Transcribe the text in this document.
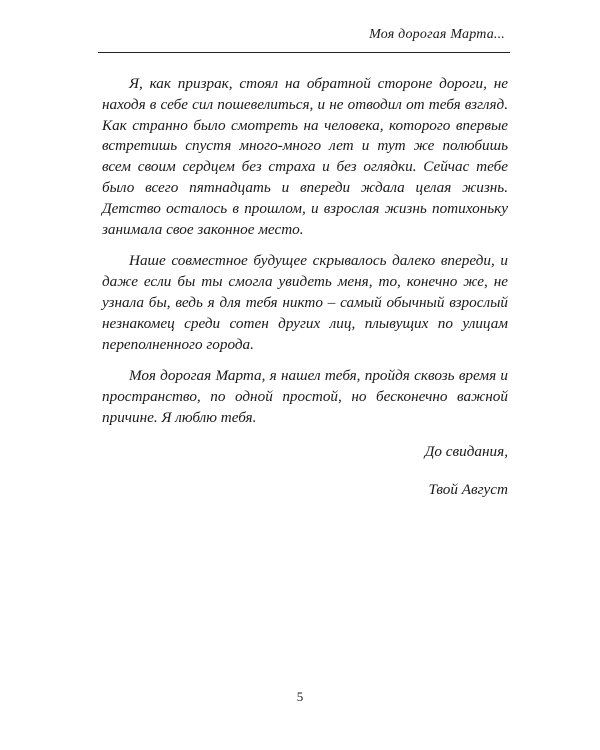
Моя дорогая Марта...

Я, как призрак, стоял на обратной стороне дороги, не находя в себе сил пошевелиться, и не отводил от тебя взгляд. Как странно было смотреть на человека, которого впервые встретишь спустя много-много лет и тут же полюбишь всем своим сердцем без страха и без оглядки. Сейчас тебе было всего пятнадцать и впереди ждала целая жизнь. Детство осталось в прошлом, и взрослая жизнь потихоньку занимала свое законное место.

Наше совместное будущее скрывалось далеко впереди, и даже если бы ты смогла увидеть меня, то, конечно же, не узнала бы, ведь я для тебя никто – самый обычный взрослый незнакомец среди сотен других лиц, плывущих по улицам переполненного города.

Моя дорогая Марта, я нашел тебя, пройдя сквозь время и пространство, по одной простой, но бесконечно важной причине. Я люблю тебя.

До свидания,

Твой Август

5
